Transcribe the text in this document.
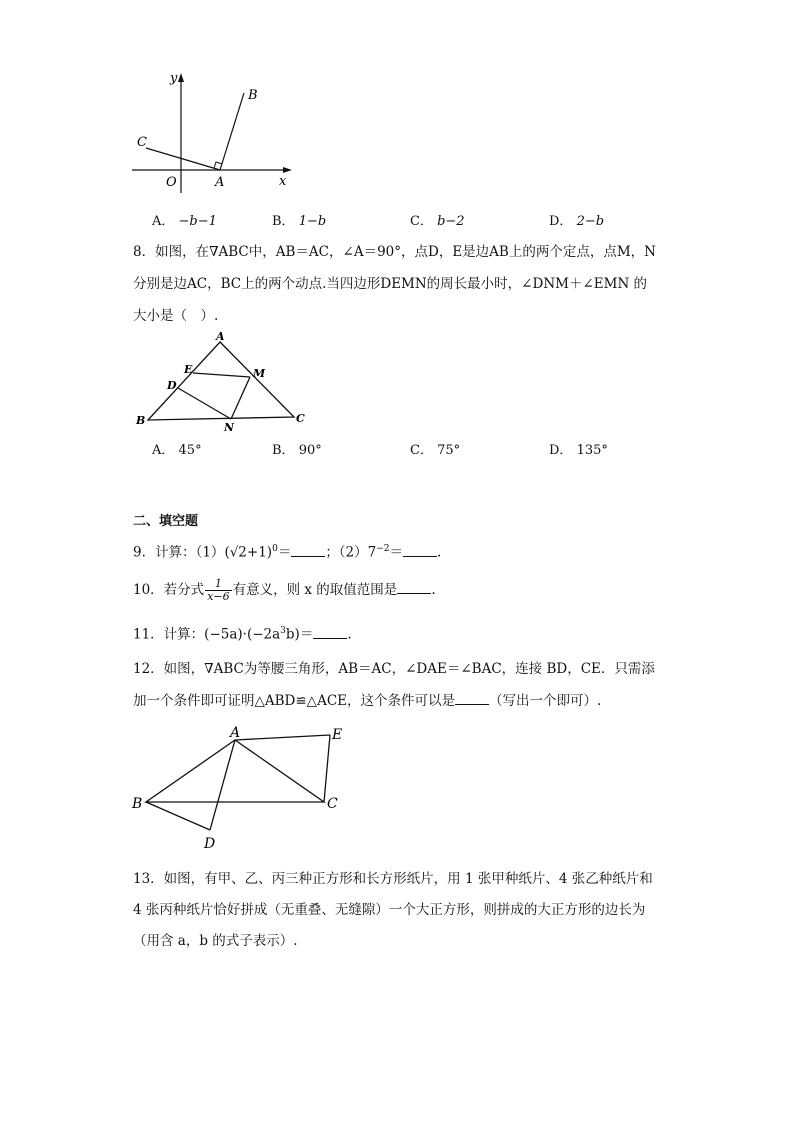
y
x
O	A
B
C
A． −b−1	B． 1−b	C． b−2	D． 2−b
8．如图，在∇ABC中，AB＝AC，∠A＝90°，点D，E是边AB上的两个定点，点M，N
分别是边AC，BC上的两个动点.当四边形DEMN的周长最小时，∠DNM＋∠EMN 的
大小是（　）.
A
E
D
M
B	C
N
A． 45°	B． 90°	C． 75°	D． 135°
二、填空题
9．计算：$(1)(√2+1)^0=$	；$(2)7^{-2}=$	.
10．若分式 $\frac{1}{x-6}$ 有意义，则 x 的取值范围是	.
11．计算：$(-5a)\cdot(-2a^3b)=$	.
12．如图，∇ABC为等腰三角形，AB＝AC，∠DAE＝∠BAC，连接 BD，CE．只需添
加一个条件即可证明△ABD≌△ACE，这个条件可以是	（写出一个即可）.
A	E
B	C
D
13．如图，有甲、乙、丙三种正方形和长方形纸片，用 1 张甲种纸片、4 张乙种纸片和
4 张丙种纸片恰好拼成（无重叠、无缝隙）一个大正方形，则拼成的大正方形的边长为
（用含 a，b 的式子表示）.
